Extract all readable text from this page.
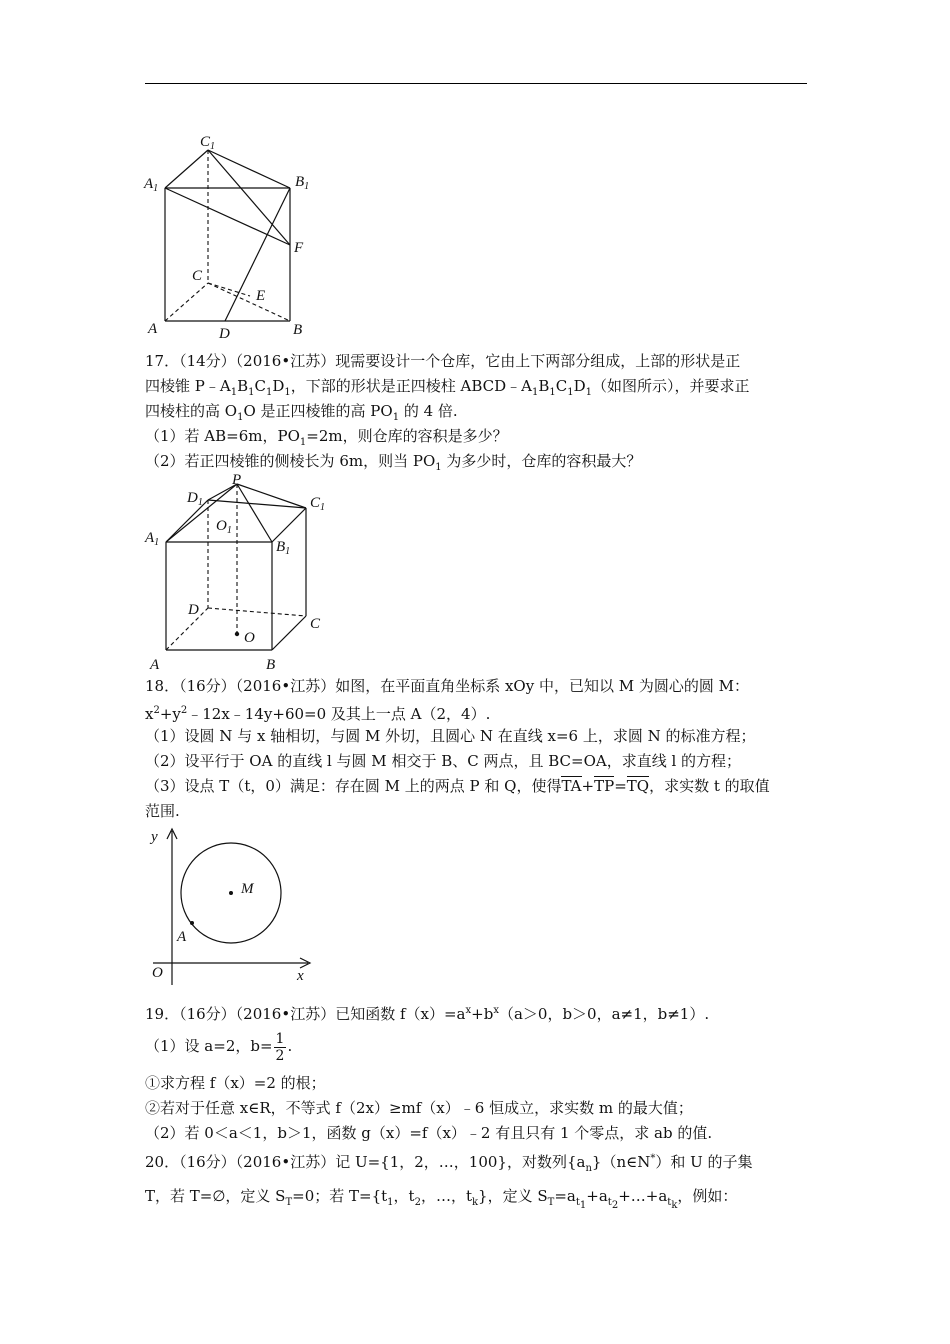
$C_1$
$A_1$	$B_1$
F
C
E
A	D	B
17．（14分）（2016•江苏）现需要设计一个仓库，它由上下两部分组成，上部的形状是正
四棱锥 $P﹣A_1B_1C_1D_1$，下部的形状是正四棱柱 $ABCD﹣A_1B_1C_1D_1$（如图所示），并要求正
四棱柱的高 $O_1O$ 是正四棱锥的高 $PO_1$ 的 4 倍.
（1）若 AB=6m，$PO_1=2m$，则仓库的容积是多少？
（2）若正四棱锥的侧棱长为 6m，则当 $PO_1$ 为多少时，仓库的容积最大？
P
$D_1$	$C_1$
$O_1$
$A_1$	$B_1$
D
C
O
A	B
18．（16分）（2016•江苏）如图，在平面直角坐标系 xOy 中，已知以 M 为圆心的圆 M：
$x^2+y^2﹣12x﹣14y+60=0$ 及其上一点 A（2，4）.
（1）设圆 N 与 x 轴相切，与圆 M 外切，且圆心 N 在直线 x=6 上，求圆 N 的标准方程；
（2）设平行于 OA 的直线 l 与圆 M 相交于 B、C 两点，且 BC=OA，求直线 l 的方程；
（3）设点 T（t，0）满足：存在圆 M 上的两点 P 和 Q，使得TA+TP=TQ，求实数 t 的取值
范围.
y
M
A
O	x
19．（16分）（2016•江苏）已知函数 $f(x)=a^x+b^x(a>0$，b＞0，a≠1，b≠1）.
（1）设 a=2，$b= \frac{1}{2}$ .
①求方程 f（x）=2 的根；
②若对于任意 x∈R，不等式 f（2x）≥mf（x）﹣6 恒成立，求实数 m 的最大值；
（2）若 0＜a＜1，b＞1，函数 g（x）=f（x）﹣2 有且只有 1 个零点，求 ab 的值.
20．（16分）（2016•江苏）记 U={1，2，…，100}，对数列$\{a_n\}(n\in N^*)$和 U 的子集
T，若 T=∅，定义 $S_T=0$；若 $T=\{t_1$，$t_2$，…，$t_k$}，定义 $S_T=a_{t_1}+a_{t_2}+\dots+a_{t_k}$，例如：
